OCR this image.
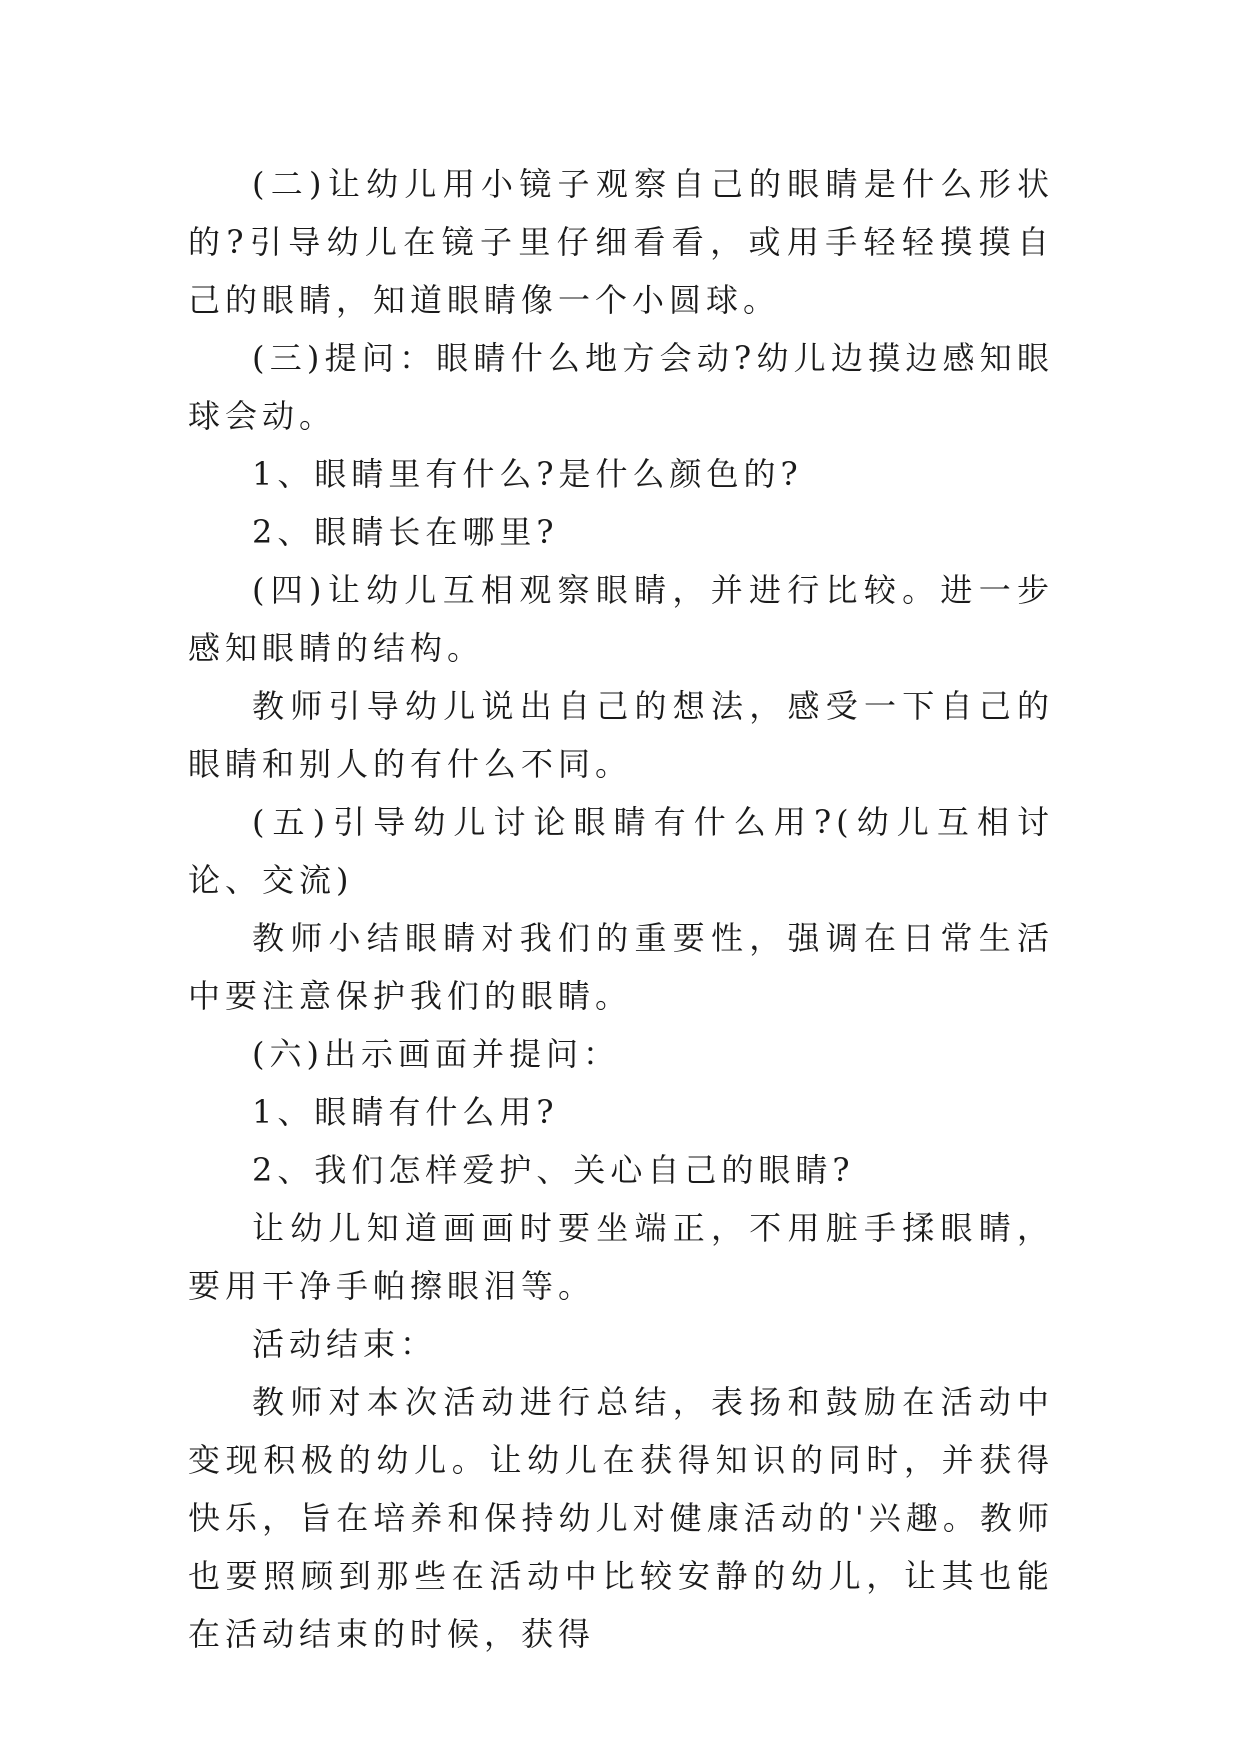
(二)让幼儿用小镜子观察自己的眼睛是什么形状的?引导幼儿在镜子里仔细看看，或用手轻轻摸摸自己的眼睛，知道眼睛像一个小圆球。

(三)提问：眼睛什么地方会动?幼儿边摸边感知眼球会动。

1、眼睛里有什么?是什么颜色的?

2、眼睛长在哪里?

(四)让幼儿互相观察眼睛，并进行比较。进一步感知眼睛的结构。

教师引导幼儿说出自己的想法，感受一下自己的眼睛和别人的有什么不同。

(五)引导幼儿讨论眼睛有什么用?(幼儿互相讨论、交流)

教师小结眼睛对我们的重要性，强调在日常生活中要注意保护我们的眼睛。

(六)出示画面并提问：

1、眼睛有什么用?

2、我们怎样爱护、关心自己的眼睛?

让幼儿知道画画时要坐端正，不用脏手揉眼睛，要用干净手帕擦眼泪等。

活动结束：

教师对本次活动进行总结，表扬和鼓励在活动中变现积极的幼儿。让幼儿在获得知识的同时，并获得快乐，旨在培养和保持幼儿对健康活动的'兴趣。教师也要照顾到那些在活动中比较安静的幼儿，让其也能在活动结束的时候，获得
